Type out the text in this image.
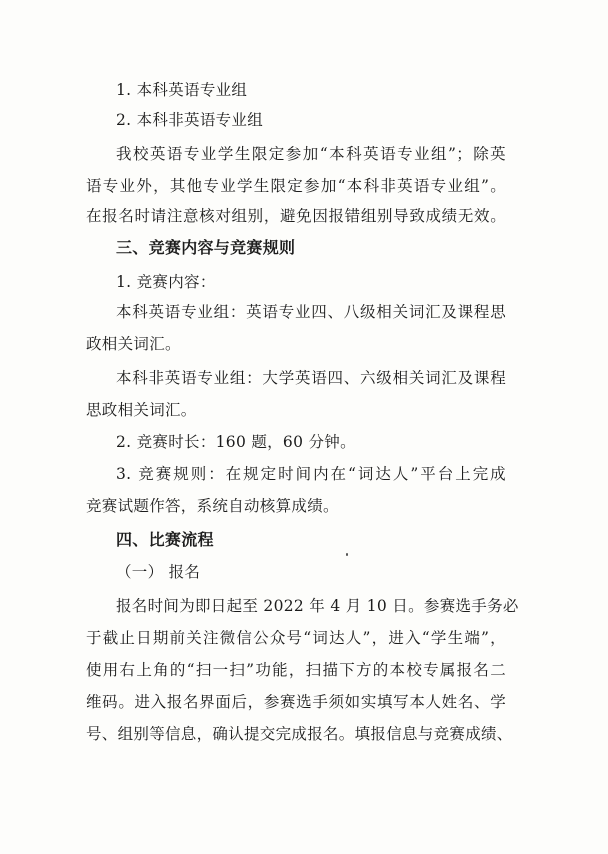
1. 本科英语专业组
2. 本科非英语专业组
我校英语专业学生限定参加“本科英语专业组”；除英
语专业外，其他专业学生限定参加“本科非英语专业组”。
在报名时请注意核对组别，避免因报错组别导致成绩无效。
三、竞赛内容与竞赛规则
1. 竞赛内容：
本科英语专业组：英语专业四、八级相关词汇及课程思
政相关词汇。
本科非英语专业组：大学英语四、六级相关词汇及课程
思政相关词汇。
2. 竞赛时长：160 题，60 分钟。
3. 竞赛规则：在规定时间内在“词达人”平台上完成
竞赛试题作答，系统自动核算成绩。
四、比赛流程
（一） 报名
报名时间为即日起至 2022 年 4 月 10 日。参赛选手务必
于截止日期前关注微信公众号“词达人”，进入“学生端”，
使用右上角的“扫一扫”功能，扫描下方的本校专属报名二
维码。进入报名界面后，参赛选手须如实填写本人姓名、学
号、组别等信息，确认提交完成报名。填报信息与竞赛成绩、
